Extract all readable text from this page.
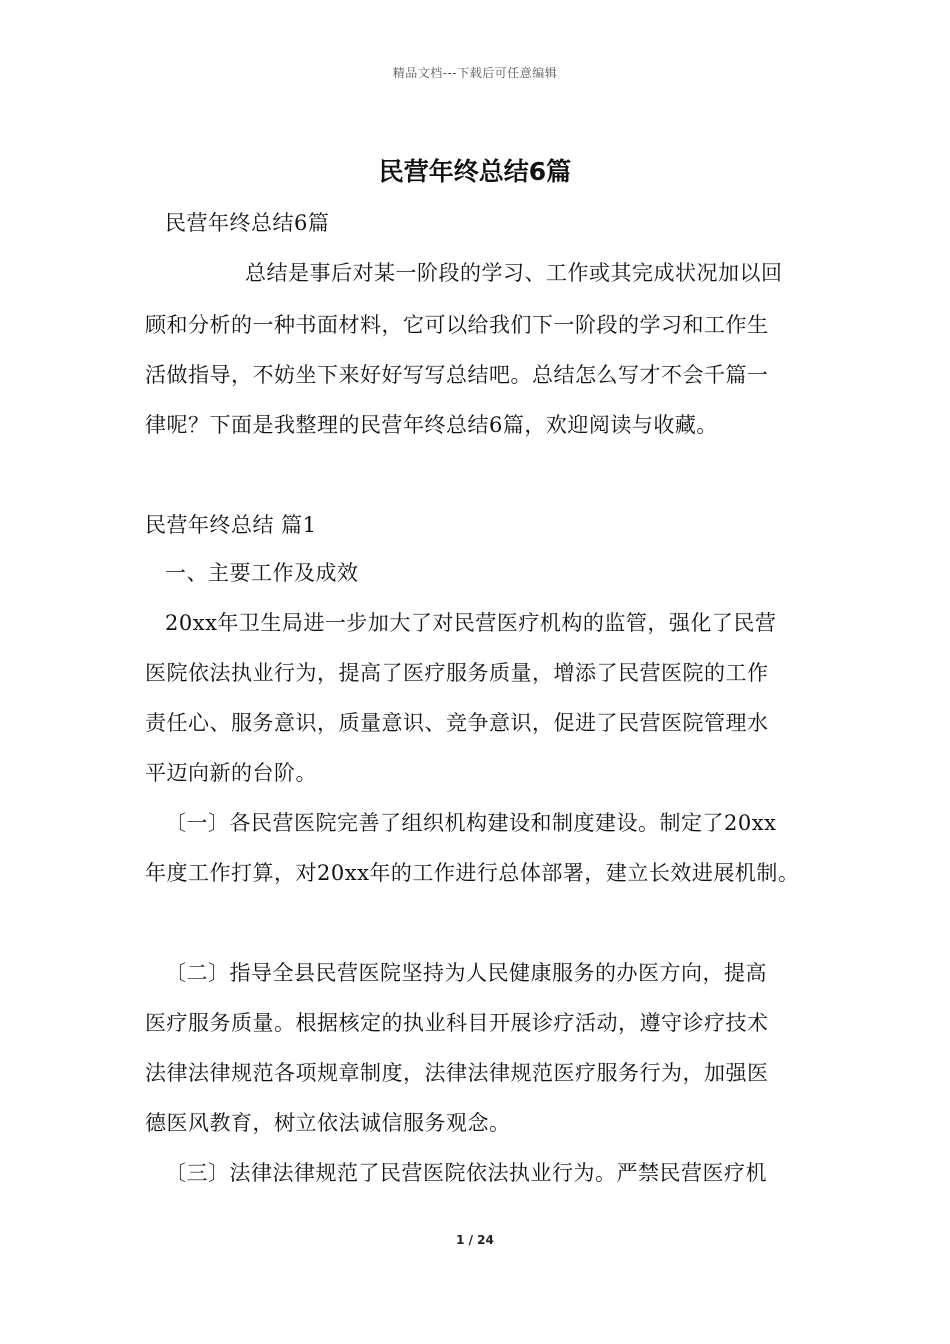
精品文档---下载后可任意编辑
民营年终总结6篇
民营年终总结6篇
总结是事后对某一阶段的学习、工作或其完成状况加以回
顾和分析的一种书面材料，它可以给我们下一阶段的学习和工作生
活做指导，不妨坐下来好好写写总结吧。总结怎么写才不会千篇一
律呢？下面是我整理的民营年终总结6篇，欢迎阅读与收藏。
民营年终总结 篇1
一、主要工作及成效
20xx年卫生局进一步加大了对民营医疗机构的监管，强化了民营
医院依法执业行为，提高了医疗服务质量，增添了民营医院的工作
责任心、服务意识，质量意识、竞争意识，促进了民营医院管理水
平迈向新的台阶。
〔一〕各民营医院完善了组织机构建设和制度建设。制定了20xx
年度工作打算，对20xx年的工作进行总体部署，建立长效进展机制。
〔二〕指导全县民营医院坚持为人民健康服务的办医方向，提高
医疗服务质量。根据核定的执业科目开展诊疗活动，遵守诊疗技术
法律法律规范各项规章制度，法律法律规范医疗服务行为，加强医
德医风教育，树立依法诚信服务观念。
〔三〕法律法律规范了民营医院依法执业行为。严禁民营医疗机
1 / 24
